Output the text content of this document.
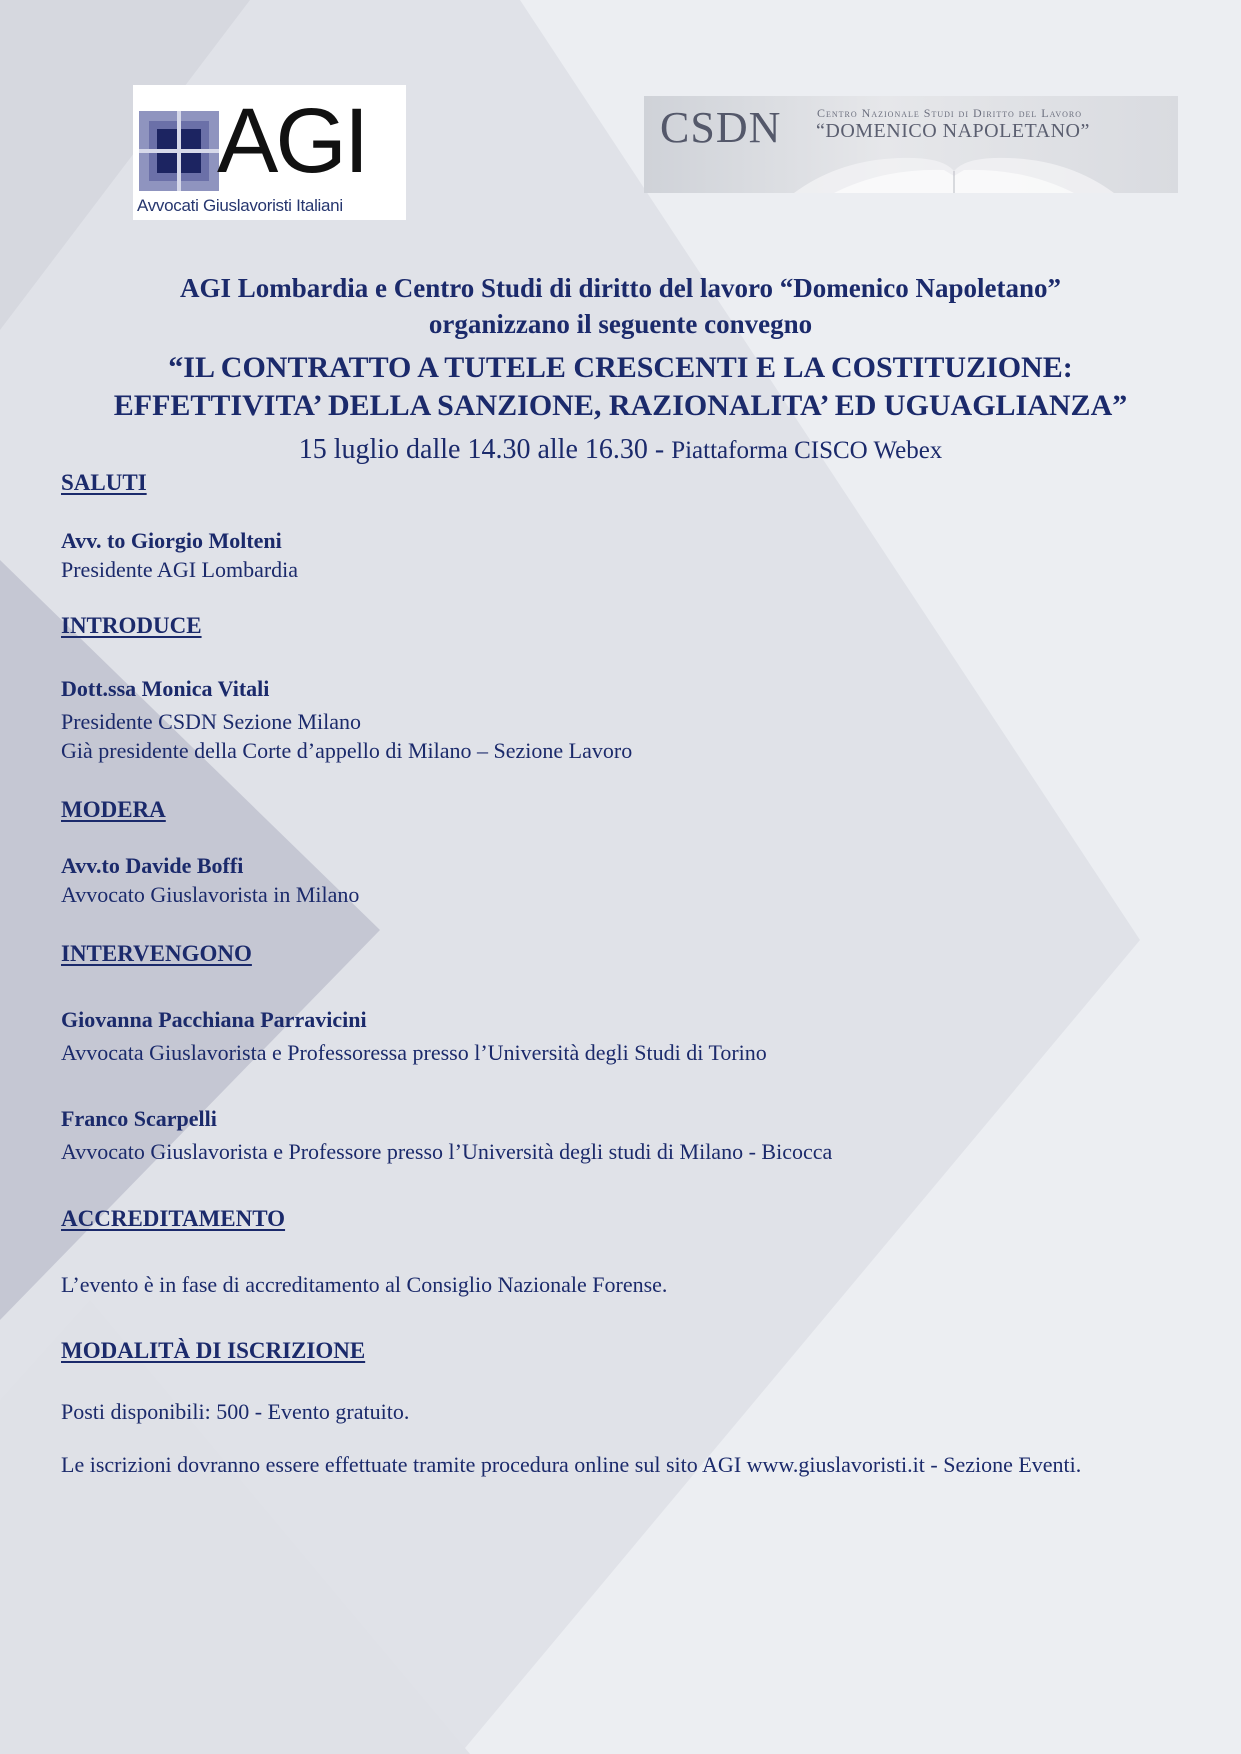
AGI
Avvocati Giuslavoristi Italiani
CSDN	Centro Nazionale Studi di Diritto del Lavoro
“DOMENICO NAPOLETANO”
AGI Lombardia e Centro Studi di diritto del lavoro “Domenico Napoletano”
organizzano il seguente convegno
“IL CONTRATTO A TUTELE CRESCENTI E LA COSTITUZIONE:
EFFETTIVITA’ DELLA SANZIONE, RAZIONALITA’ ED UGUAGLIANZA”
15 luglio dalle 14.30 alle 16.30 - Piattaforma CISCO Webex
SALUTI
Avv. to Giorgio Molteni
Presidente AGI Lombardia
INTRODUCE
Dott.ssa Monica Vitali
Presidente CSDN Sezione Milano
Già presidente della Corte d’appello di Milano – Sezione Lavoro
MODERA
Avv.to Davide Boffi
Avvocato Giuslavorista in Milano
INTERVENGONO
Giovanna Pacchiana Parravicini
Avvocata Giuslavorista e Professoressa presso l’Università degli Studi di Torino
Franco Scarpelli
Avvocato Giuslavorista e Professore presso l’Università degli studi di Milano - Bicocca
ACCREDITAMENTO
L’evento è in fase di accreditamento al Consiglio Nazionale Forense.
MODALITÀ DI ISCRIZIONE
Posti disponibili: 500 - Evento gratuito.
Le iscrizioni dovranno essere effettuate tramite procedura online sul sito AGI www.giuslavoristi.it - Sezione Eventi.
